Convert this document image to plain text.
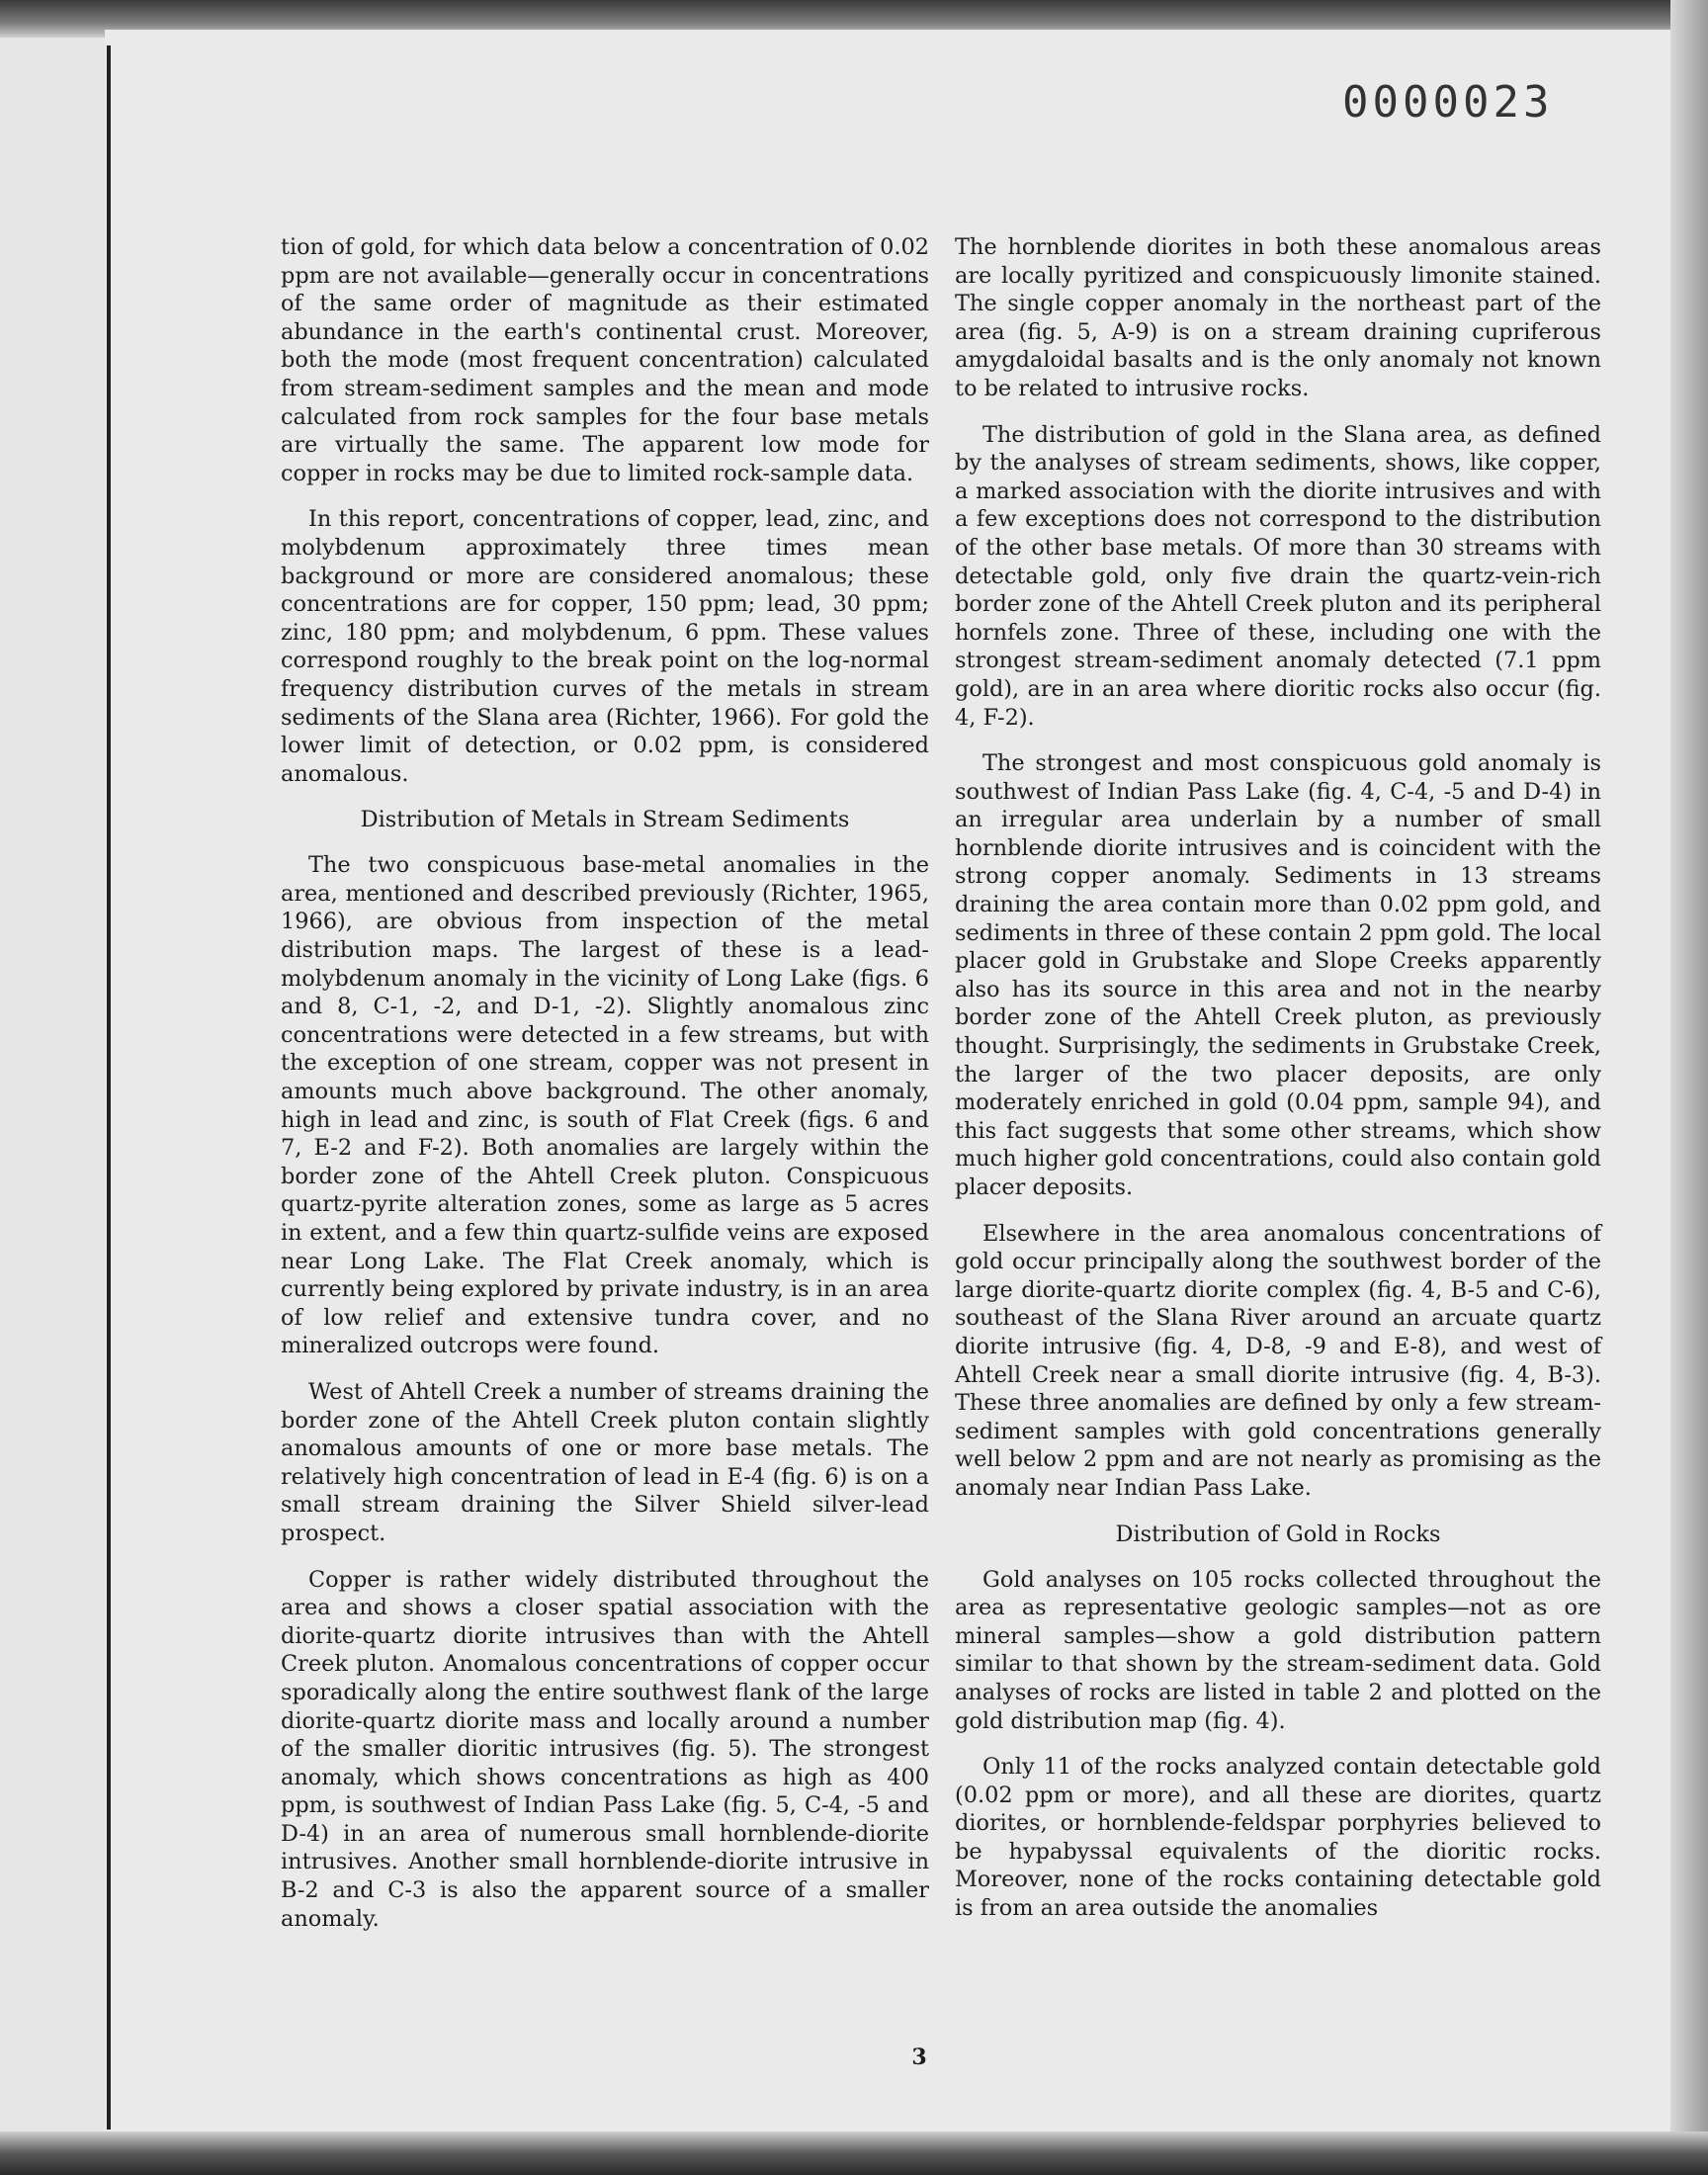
0000023

tion of gold, for which data below a concentration of 0.02 ppm are not available—generally occur in concentrations of the same order of magnitude as their estimated abundance in the earth's continental crust. Moreover, both the mode (most frequent concentration) calculated from stream-sediment samples and the mean and mode calculated from rock samples for the four base metals are virtually the same. The apparent low mode for copper in rocks may be due to limited rock-sample data.

In this report, concentrations of copper, lead, zinc, and molybdenum approximately three times mean background or more are considered anomalous; these concentrations are for copper, 150 ppm; lead, 30 ppm; zinc, 180 ppm; and molybdenum, 6 ppm. These values correspond roughly to the break point on the log-normal frequency distribution curves of the metals in stream sediments of the Slana area (Richter, 1966). For gold the lower limit of detection, or 0.02 ppm, is considered anomalous.

Distribution of Metals in Stream Sediments

The two conspicuous base-metal anomalies in the area, mentioned and described previously (Richter, 1965, 1966), are obvious from inspection of the metal distribution maps. The largest of these is a lead-molybdenum anomaly in the vicinity of Long Lake (figs. 6 and 8, C-1, -2, and D-1, -2). Slightly anomalous zinc concentrations were detected in a few streams, but with the exception of one stream, copper was not present in amounts much above background. The other anomaly, high in lead and zinc, is south of Flat Creek (figs. 6 and 7, E-2 and F-2). Both anomalies are largely within the border zone of the Ahtell Creek pluton. Conspicuous quartz-pyrite alteration zones, some as large as 5 acres in extent, and a few thin quartz-sulfide veins are exposed near Long Lake. The Flat Creek anomaly, which is currently being explored by private industry, is in an area of low relief and extensive tundra cover, and no mineralized outcrops were found.

West of Ahtell Creek a number of streams draining the border zone of the Ahtell Creek pluton contain slightly anomalous amounts of one or more base metals. The relatively high concentration of lead in E-4 (fig. 6) is on a small stream draining the Silver Shield silver-lead prospect.

Copper is rather widely distributed throughout the area and shows a closer spatial association with the diorite-quartz diorite intrusives than with the Ahtell Creek pluton. Anomalous concentrations of copper occur sporadically along the entire southwest flank of the large diorite-quartz diorite mass and locally around a number of the smaller dioritic intrusives (fig. 5). The strongest anomaly, which shows concentrations as high as 400 ppm, is southwest of Indian Pass Lake (fig. 5, C-4, -5 and D-4) in an area of numerous small hornblende-diorite intrusives. Another small hornblende-diorite intrusive in B-2 and C-3 is also the apparent source of a smaller anomaly.

The hornblende diorites in both these anomalous areas are locally pyritized and conspicuously limonite stained. The single copper anomaly in the northeast part of the area (fig. 5, A-9) is on a stream draining cupriferous amygdaloidal basalts and is the only anomaly not known to be related to intrusive rocks.

The distribution of gold in the Slana area, as defined by the analyses of stream sediments, shows, like copper, a marked association with the diorite intrusives and with a few exceptions does not correspond to the distribution of the other base metals. Of more than 30 streams with detectable gold, only five drain the quartz-vein-rich border zone of the Ahtell Creek pluton and its peripheral hornfels zone. Three of these, including one with the strongest stream-sediment anomaly detected (7.1 ppm gold), are in an area where dioritic rocks also occur (fig. 4, F-2).

The strongest and most conspicuous gold anomaly is southwest of Indian Pass Lake (fig. 4, C-4, -5 and D-4) in an irregular area underlain by a number of small hornblende diorite intrusives and is coincident with the strong copper anomaly. Sediments in 13 streams draining the area contain more than 0.02 ppm gold, and sediments in three of these contain 2 ppm gold. The local placer gold in Grubstake and Slope Creeks apparently also has its source in this area and not in the nearby border zone of the Ahtell Creek pluton, as previously thought. Surprisingly, the sediments in Grubstake Creek, the larger of the two placer deposits, are only moderately enriched in gold (0.04 ppm, sample 94), and this fact suggests that some other streams, which show much higher gold concentrations, could also contain gold placer deposits.

Elsewhere in the area anomalous concentrations of gold occur principally along the southwest border of the large diorite-quartz diorite complex (fig. 4, B-5 and C-6), southeast of the Slana River around an arcuate quartz diorite intrusive (fig. 4, D-8, -9 and E-8), and west of Ahtell Creek near a small diorite intrusive (fig. 4, B-3). These three anomalies are defined by only a few stream-sediment samples with gold concentrations generally well below 2 ppm and are not nearly as promising as the anomaly near Indian Pass Lake.

Distribution of Gold in Rocks

Gold analyses on 105 rocks collected throughout the area as representative geologic samples—not as ore mineral samples—show a gold distribution pattern similar to that shown by the stream-sediment data. Gold analyses of rocks are listed in table 2 and plotted on the gold distribution map (fig. 4).

Only 11 of the rocks analyzed contain detectable gold (0.02 ppm or more), and all these are diorites, quartz diorites, or hornblende-feldspar porphyries believed to be hypabyssal equivalents of the dioritic rocks. Moreover, none of the rocks containing detectable gold is from an area outside the anomalies

3
